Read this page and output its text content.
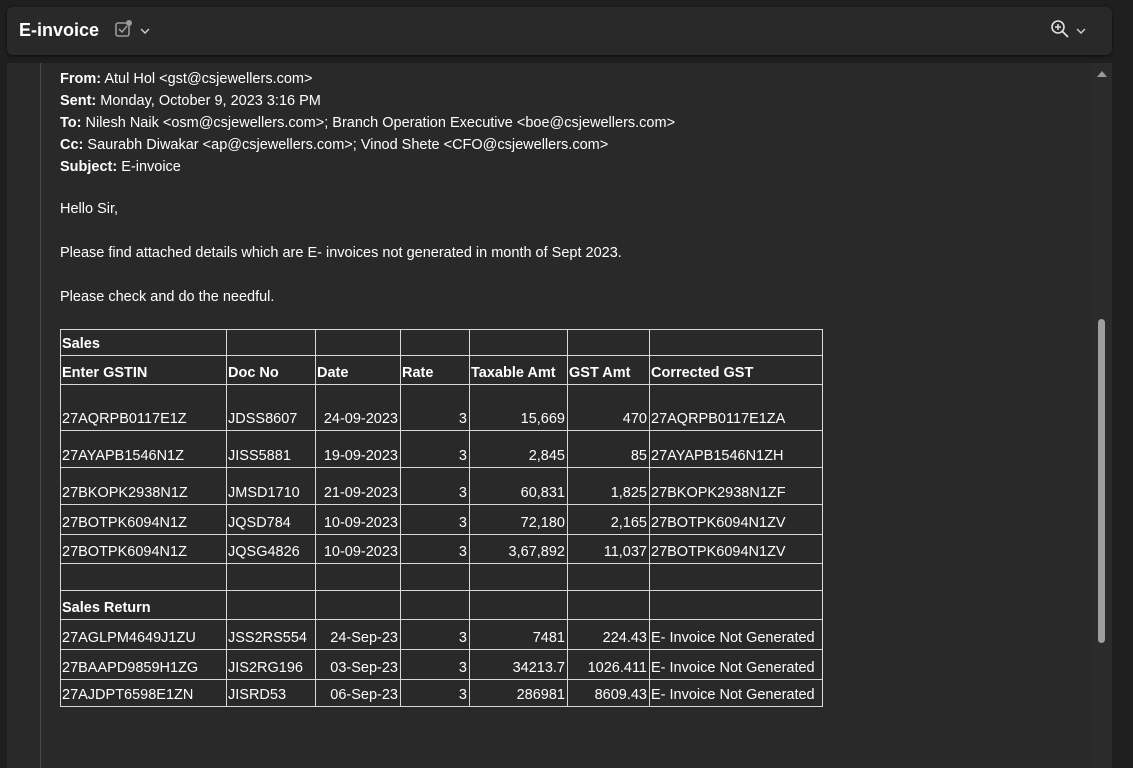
E-invoice
From: Atul Hol <gst@csjewellers.com>
Sent: Monday, October 9, 2023 3:16 PM
To: Nilesh Naik <osm@csjewellers.com>; Branch Operation Executive <boe@csjewellers.com>
Cc: Saurabh Diwakar <ap@csjewellers.com>; Vinod Shete <CFO@csjewellers.com>
Subject: E-invoice

Hello Sir,

Please find attached details which are E- invoices not generated in month of Sept 2023.

Please check and do the needful.

Sales						
Enter GSTIN	Doc No	Date	Rate	Taxable Amt	GST Amt	Corrected GST
27AQRPB0117E1Z	JDSS8607	24-09-2023	3	15,669	470	27AQRPB0117E1ZA
27AYAPB1546N1Z	JISS5881	19-09-2023	3	2,845	85	27AYAPB1546N1ZH
27BKOPK2938N1Z	JMSD1710	21-09-2023	3	60,831	1,825	27BKOPK2938N1ZF
27BOTPK6094N1Z	JQSD784	10-09-2023	3	72,180	2,165	27BOTPK6094N1ZV
27BOTPK6094N1Z	JQSG4826	10-09-2023	3	3,67,892	11,037	27BOTPK6094N1ZV

Sales Return						
27AGLPM4649J1ZU	JSS2RS554	24-Sep-23	3	7481	224.43	E- Invoice Not Generated
27BAAPD9859H1ZG	JIS2RG196	03-Sep-23	3	34213.7	1026.411	E- Invoice Not Generated
27AJDPT6598E1ZN	JISRD53	06-Sep-23	3	286981	8609.43	E- Invoice Not Generated
